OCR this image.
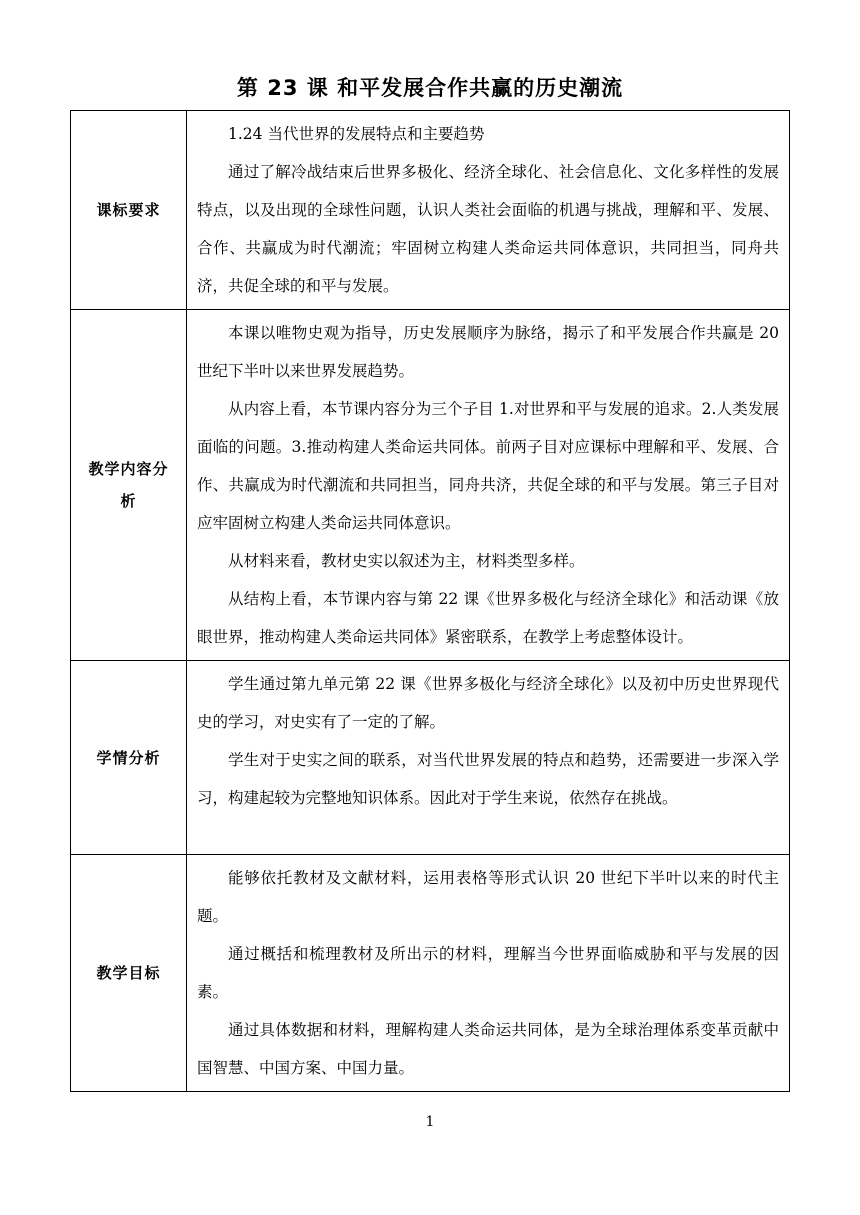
第 23 课 和平发展合作共赢的历史潮流
课标要求	1.24 当代世界的发展特点和主要趋势

通过了解冷战结束后世界多极化、经济全球化、社会信息化、文化多样性的发展特点，以及出现的全球性问题，认识人类社会面临的机遇与挑战，理解和平、发展、合作、共赢成为时代潮流；牢固树立构建人类命运共同体意识，共同担当，同舟共济，共促全球的和平与发展。

教学内容分析	本课以唯物史观为指导，历史发展顺序为脉络，揭示了和平发展合作共赢是 20 世纪下半叶以来世界发展趋势。

从内容上看，本节课内容分为三个子目 1.对世界和平与发展的追求。2.人类发展面临的问题。3.推动构建人类命运共同体。前两子目对应课标中理解和平、发展、合作、共赢成为时代潮流和共同担当，同舟共济，共促全球的和平与发展。第三子目对应牢固树立构建人类命运共同体意识。

从材料来看，教材史实以叙述为主，材料类型多样。

从结构上看，本节课内容与第 22 课《世界多极化与经济全球化》和活动课《放眼世界，推动构建人类命运共同体》紧密联系，在教学上考虑整体设计。

学情分析	学生通过第九单元第 22 课《世界多极化与经济全球化》以及初中历史世界现代史的学习，对史实有了一定的了解。

学生对于史实之间的联系，对当代世界发展的特点和趋势，还需要进一步深入学习，构建起较为完整地知识体系。因此对于学生来说，依然存在挑战。

教学目标	能够依托教材及文献材料，运用表格等形式认识 20 世纪下半叶以来的时代主题。

通过概括和梳理教材及所出示的材料，理解当今世界面临威胁和平与发展的因素。

通过具体数据和材料，理解构建人类命运共同体，是为全球治理体系变革贡献中国智慧、中国方案、中国力量。

1
